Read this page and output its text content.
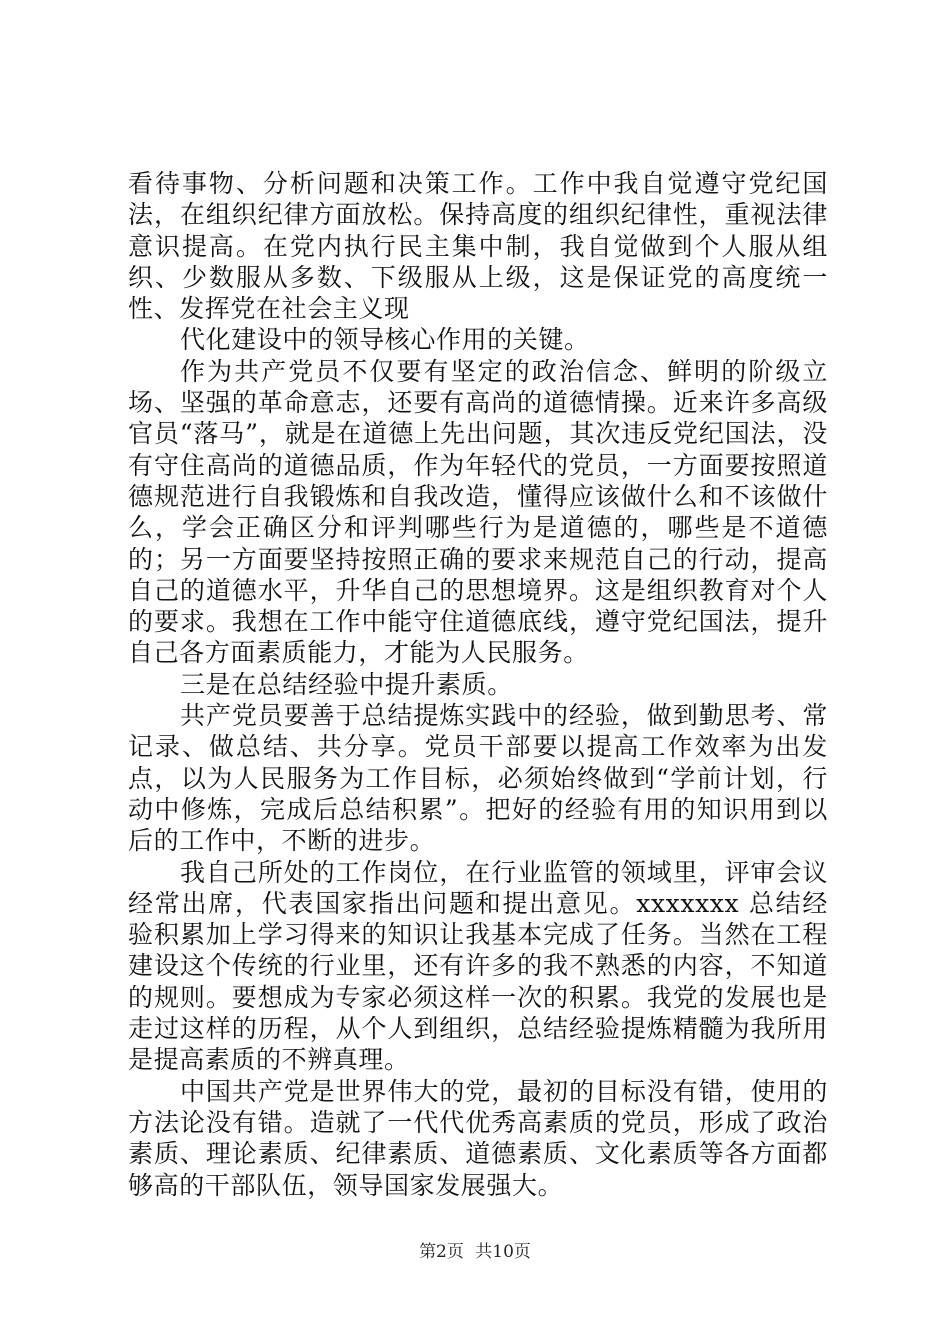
看待事物、分析问题和决策工作。工作中我自觉遵守党纪国法，在组织纪律方面放松。保持高度的组织纪律性，重视法律意识提高。在党内执行民主集中制，我自觉做到个人服从组织、少数服从多数、下级服从上级，这是保证党的高度统一性、发挥党在社会主义现

代化建设中的领导核心作用的关键。

作为共产党员不仅要有坚定的政治信念、鲜明的阶级立场、坚强的革命意志，还要有高尚的道德情操。近来许多高级官员“落马”，就是在道德上先出问题，其次违反党纪国法，没有守住高尚的道德品质，作为年轻代的党员，一方面要按照道德规范进行自我锻炼和自我改造，懂得应该做什么和不该做什么，学会正确区分和评判哪些行为是道德的，哪些是不道德的；另一方面要坚持按照正确的要求来规范自己的行动，提高自己的道德水平，升华自己的思想境界。这是组织教育对个人的要求。我想在工作中能守住道德底线，遵守党纪国法，提升自己各方面素质能力，才能为人民服务。

三是在总结经验中提升素质。

共产党员要善于总结提炼实践中的经验，做到勤思考、常记录、做总结、共分享。党员干部要以提高工作效率为出发点，以为人民服务为工作目标，必须始终做到“学前计划，行动中修炼，完成后总结积累”。把好的经验有用的知识用到以后的工作中，不断的进步。

我自己所处的工作岗位，在行业监管的领域里，评审会议经常出席，代表国家指出问题和提出意见。xxxxxxx 总结经验积累加上学习得来的知识让我基本完成了任务。当然在工程建设这个传统的行业里，还有许多的我不熟悉的内容，不知道的规则。要想成为专家必须这样一次的积累。我党的发展也是走过这样的历程，从个人到组织，总结经验提炼精髓为我所用是提高素质的不辨真理。

中国共产党是世界伟大的党，最初的目标没有错，使用的方法论没有错。造就了一代代优秀高素质的党员，形成了政治素质、理论素质、纪律素质、道德素质、文化素质等各方面都够高的干部队伍，领导国家发展强大。

第2页 共10页
